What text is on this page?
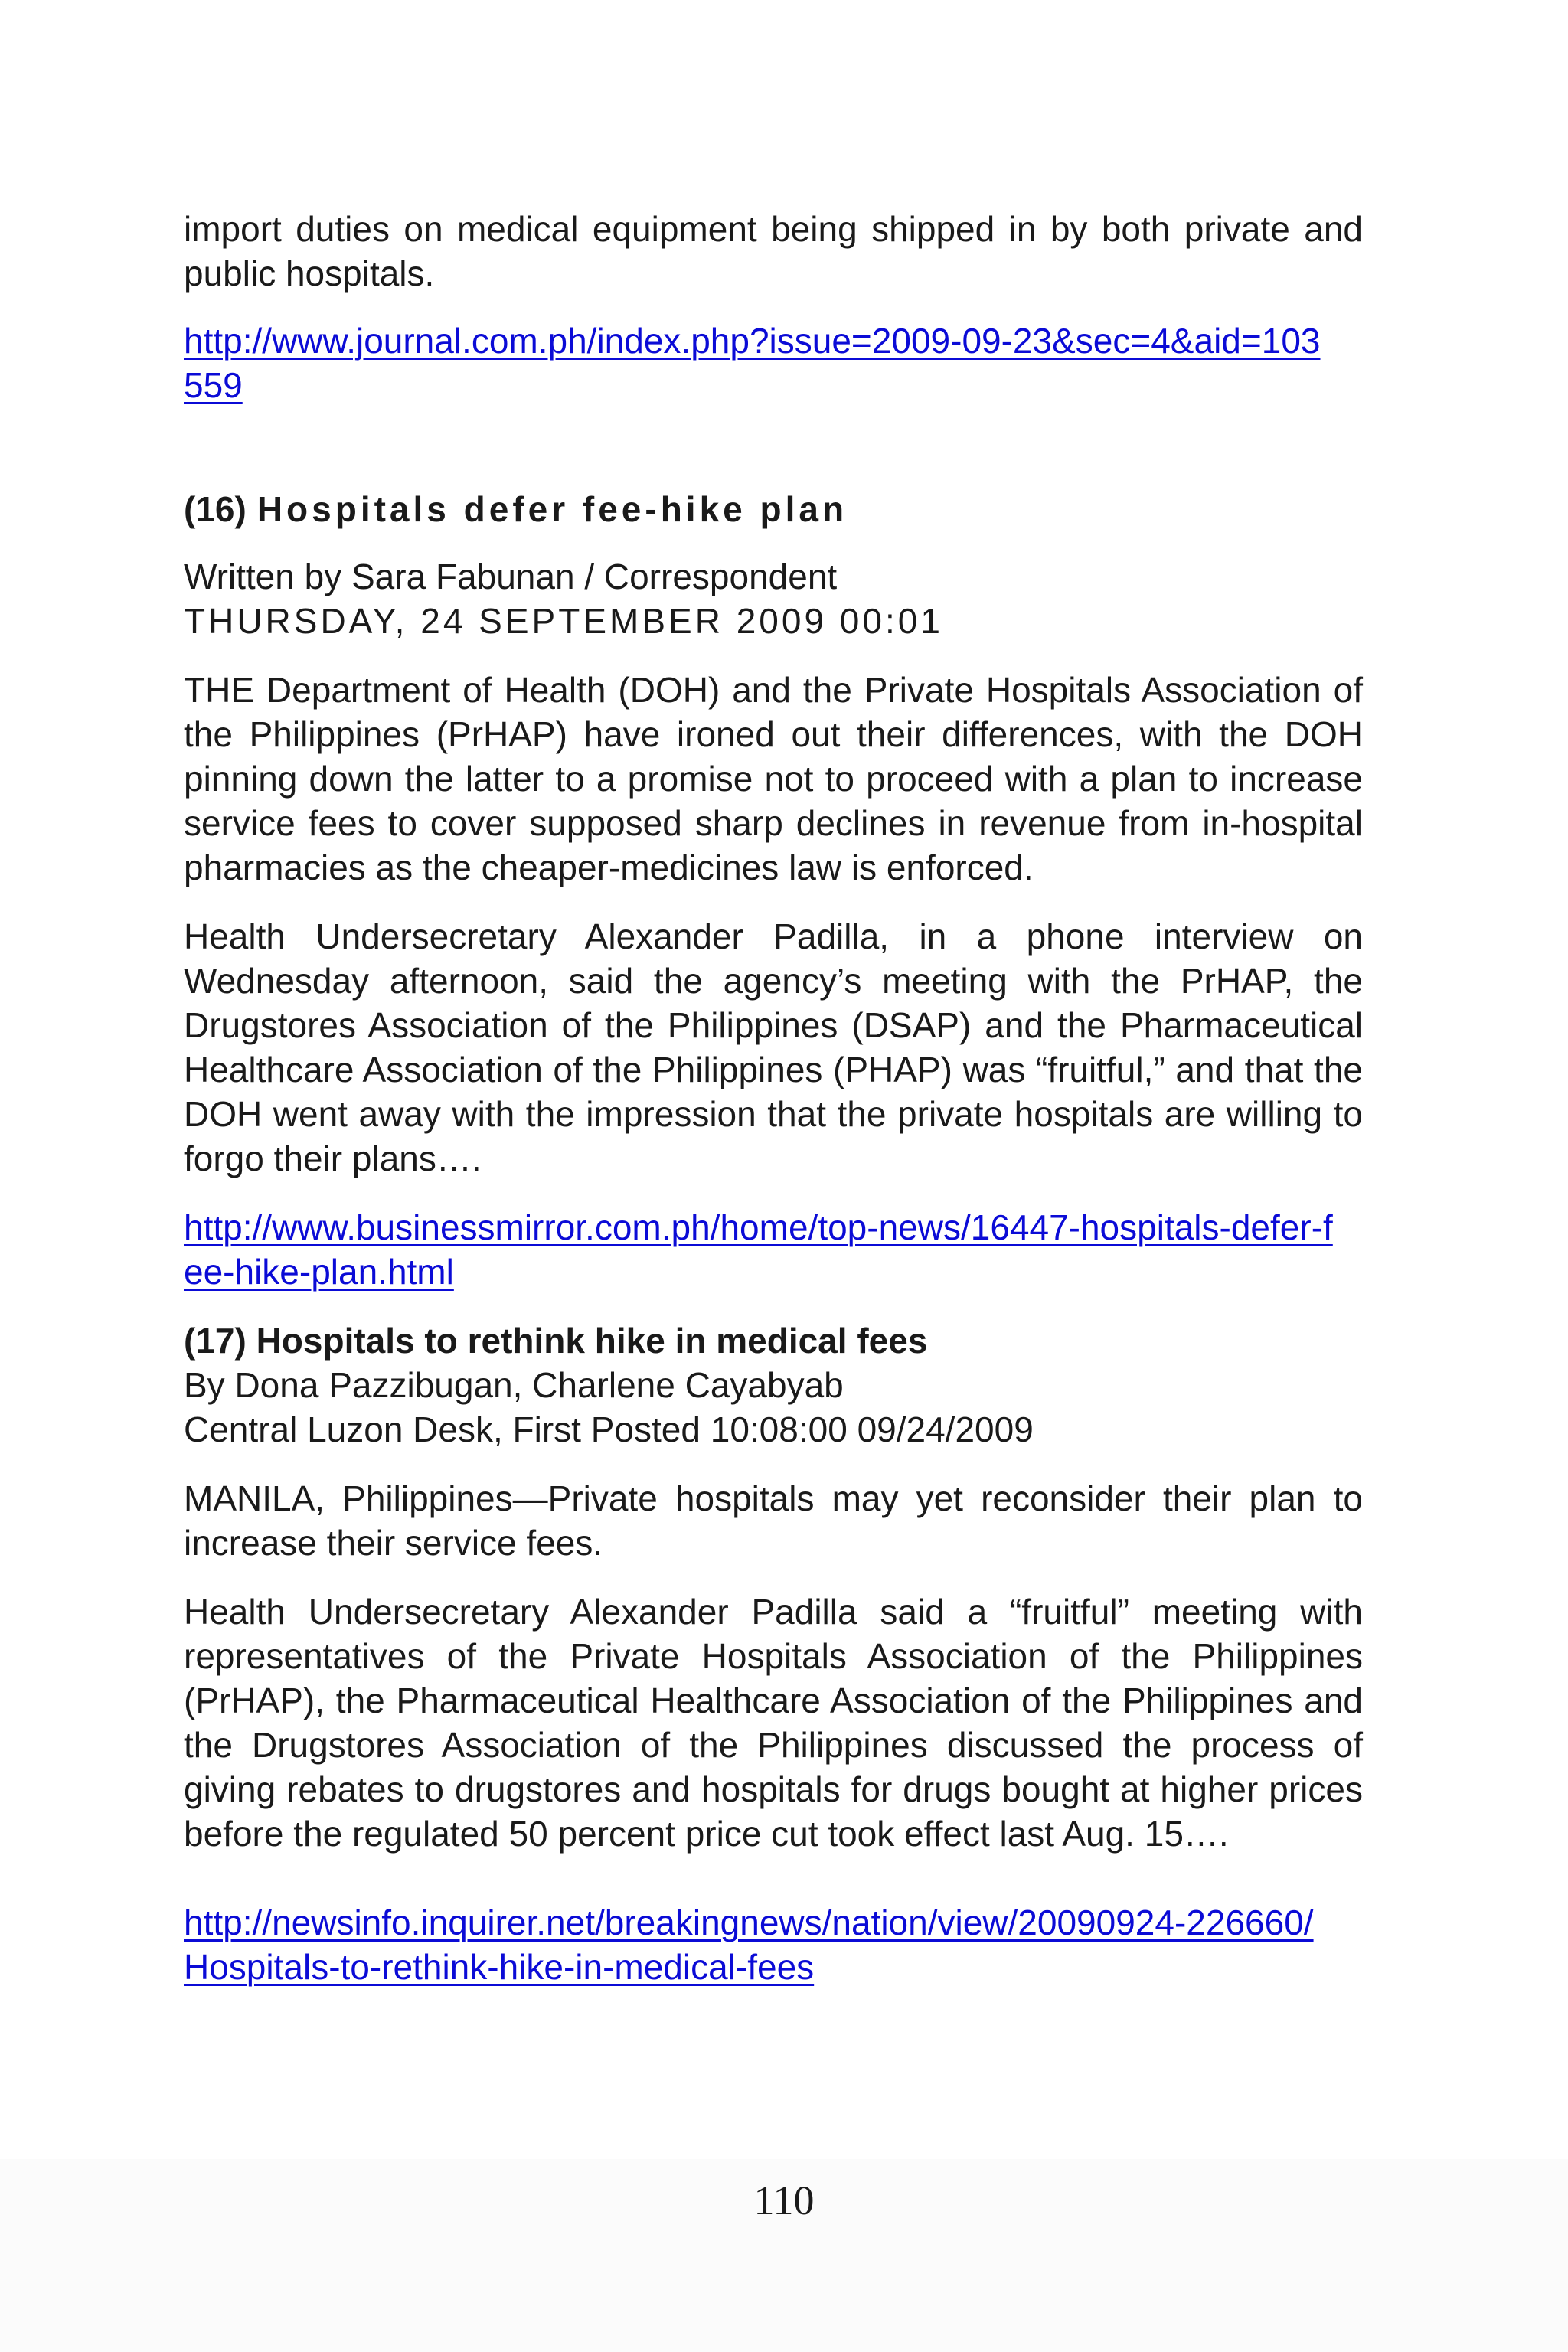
import duties on medical equipment being shipped in by both private and public hospitals.

http://www.journal.com.ph/index.php?issue=2009-09-23&sec=4&aid=103559

(16) Hospitals defer fee-hike plan

Written by Sara Fabunan / Correspondent

THURSDAY, 24 SEPTEMBER 2009 00:01

THE Department of Health (DOH) and the Private Hospitals Association of the Philippines (PrHAP) have ironed out their differences, with the DOH pinning down the latter to a promise not to proceed with a plan to increase service fees to cover supposed sharp declines in revenue from in-hospital pharmacies as the cheaper-medicines law is enforced.

Health Undersecretary Alexander Padilla, in a phone interview on Wednesday afternoon, said the agency’s meeting with the PrHAP, the Drugstores Association of the Philippines (DSAP) and the Pharmaceutical Healthcare Association of the Philippines (PHAP) was “fruitful,” and that the DOH went away with the impression that the private hospitals are willing to forgo their plans….

http://www.businessmirror.com.ph/home/top-news/16447-hospitals-defer-fee-hike-plan.html

(17) Hospitals to rethink hike in medical fees

By Dona Pazzibugan, Charlene Cayabyab

Central Luzon Desk, First Posted 10:08:00 09/24/2009

MANILA, Philippines—Private hospitals may yet reconsider their plan to increase their service fees.

Health Undersecretary Alexander Padilla said a “fruitful” meeting with representatives of the Private Hospitals Association of the Philippines (PrHAP), the Pharmaceutical Healthcare Association of the Philippines and the Drugstores Association of the Philippines discussed the process of giving rebates to drugstores and hospitals for drugs bought at higher prices before the regulated 50 percent price cut took effect last Aug. 15….

http://newsinfo.inquirer.net/breakingnews/nation/view/20090924-226660/Hospitals-to-rethink-hike-in-medical-fees
110
